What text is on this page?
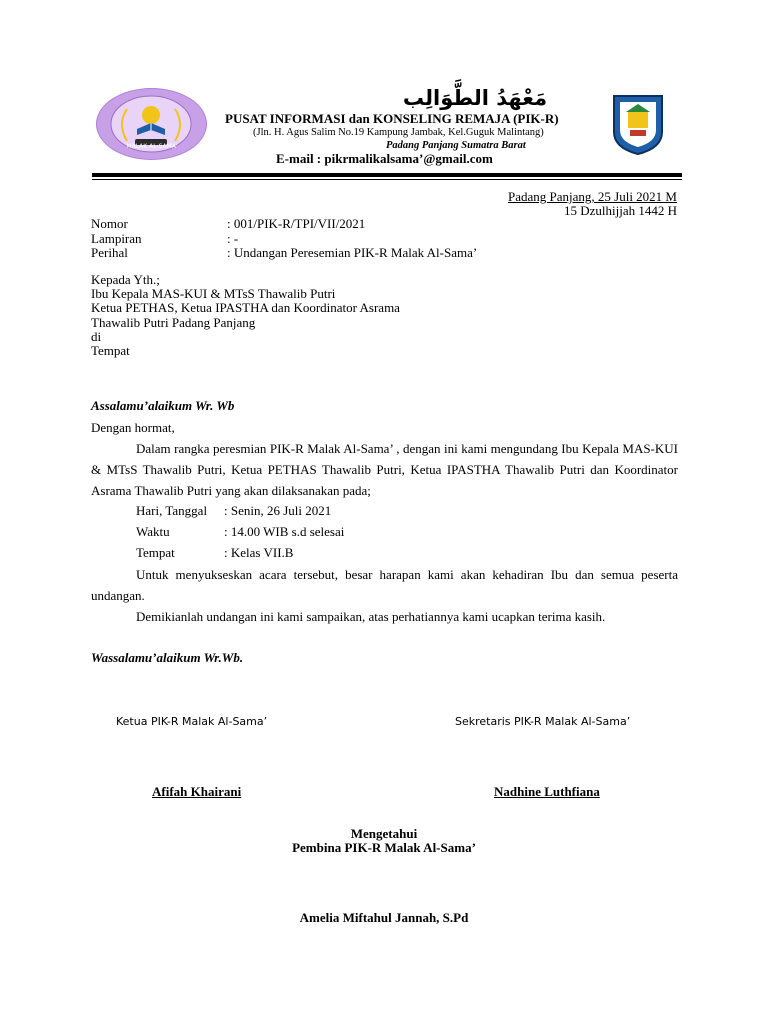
MALAK AL-SAMA'
مَعْهَدُ الطَّوَالِب
PUSAT INFORMASI dan KONSELING REMAJA (PIK-R)
(Jln. H. Agus Salim No.19 Kampung Jambak, Kel.Guguk Malintang)
Padang Panjang Sumatra Barat
E-mail : pikrmalikalsama’@gmail.com
Padang Panjang, 25 Juli 2021 M
15 Dzulhijjah 1442 H
Nomor	: 001/PIK-R/TPI/VII/2021
Lampiran	: -
Perihal	: Undangan Peresemian PIK-R Malak Al-Sama’
Kepada Yth.;
Ibu Kepala MAS-KUI & MTsS Thawalib Putri
Ketua PETHAS, Ketua IPASTHA dan Koordinator Asrama
Thawalib Putri Padang Panjang
di
Tempat
Assalamu’alaikum Wr. Wb
Dengan hormat,
Dalam rangka peresmian PIK-R Malak Al-Sama’ , dengan ini kami mengundang Ibu Kepala MAS-KUI & MTsS Thawalib Putri, Ketua PETHAS Thawalib Putri, Ketua IPASTHA Thawalib Putri dan Koordinator Asrama Thawalib Putri yang akan dilaksanakan pada;
Hari, Tanggal : Senin, 26 Juli 2021
Waktu	: 14.00 WIB s.d selesai
Tempat	: Kelas VII.B
Untuk menyukseskan acara tersebut, besar harapan kami akan kehadiran Ibu dan semua peserta undangan.
Demikianlah undangan ini kami sampaikan, atas perhatiannya kami ucapkan terima kasih.
Wassalamu’alaikum Wr.Wb.
Ketua PIK-R Malak Al-Sama’	Sekretaris PIK-R Malak Al-Sama’
Afifah Khairani	Nadhine Luthfiana
Mengetahui
Pembina PIK-R Malak Al-Sama’
Amelia Miftahul Jannah, S.Pd
